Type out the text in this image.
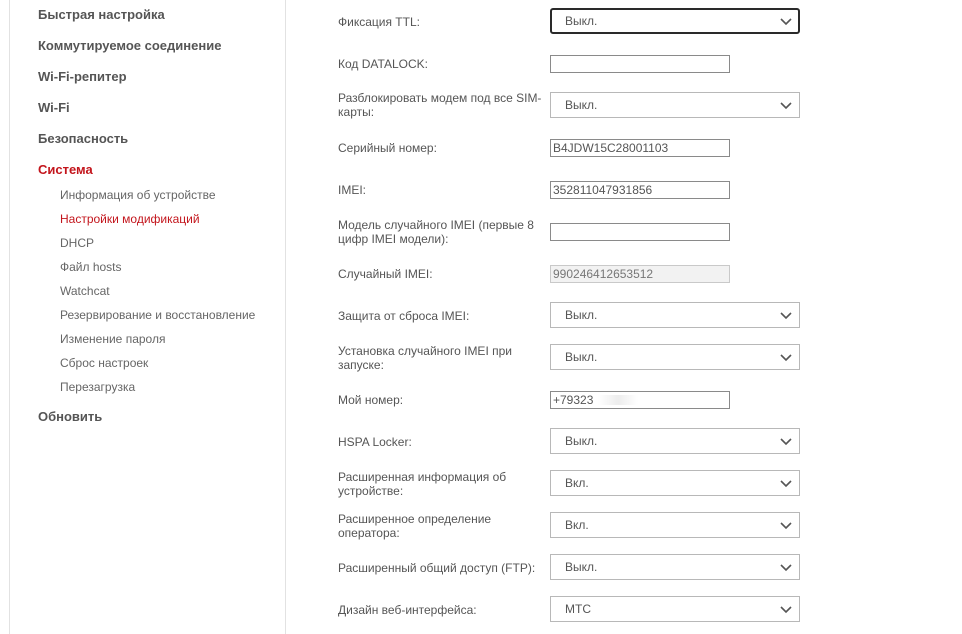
Быстрая настройка
Коммутируемое соединение
Wi-Fi-репитер
Wi-Fi
Безопасность
Система
Информация об устройстве
Настройки модификаций
DHCP
Файл hosts
Watchcat
Резервирование и восстановление
Изменение пароля
Сброс настроек
Перезагрузка
Обновить
Фиксация TTL:	Выкл.
Код DATALOCK:
Разблокировать модем под все SIM-карты:	Выкл.
Серийный номер:	B4JDW15C28001103
IMEI:	352811047931856
Модель случайного IMEI (первые 8 цифр IMEI модели):
Случайный IMEI:	990246412653512
Защита от сброса IMEI:	Выкл.
Установка случайного IMEI при запуске:
Выкл.
Мой номер:	+79323
HSPA Locker:	Выкл.
Расширенная информация об устройстве:
Вкл.
Расширенное определение оператора:
Вкл.
Расширенный общий доступ (FTP):	Выкл.
Дизайн веб-интерфейса:	МТС
